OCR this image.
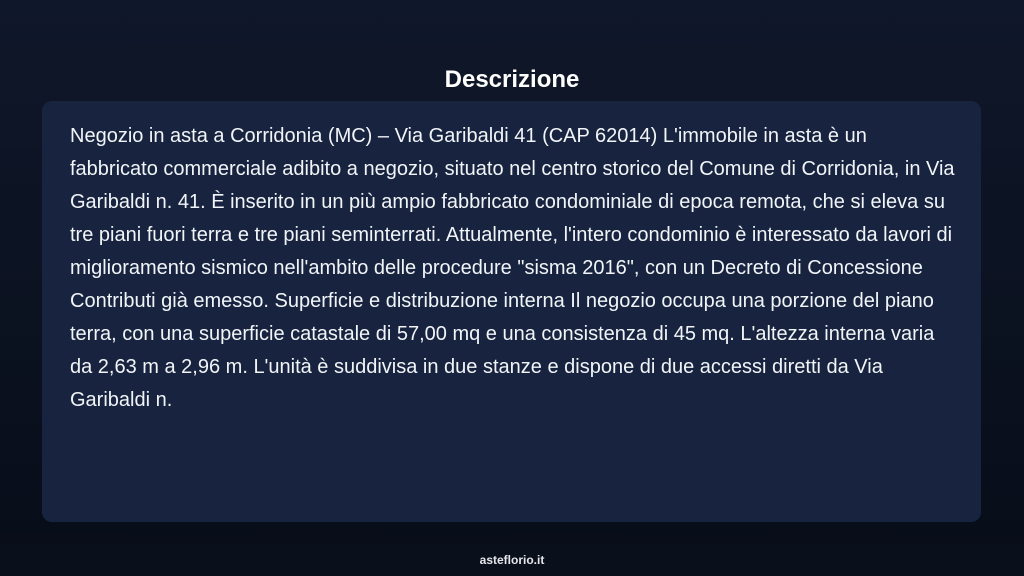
Descrizione

Negozio in asta a Corridonia (MC) – Via Garibaldi 41 (CAP 62014) L'immobile in asta è un fabbricato commerciale adibito a negozio, situato nel centro storico del Comune di Corridonia, in Via Garibaldi n. 41. È inserito in un più ampio fabbricato condominiale di epoca remota, che si eleva su tre piani fuori terra e tre piani seminterrati. Attualmente, l'intero condominio è interessato da lavori di miglioramento sismico nell'ambito delle procedure "sisma 2016", con un Decreto di Concessione Contributi già emesso. Superficie e distribuzione interna Il negozio occupa una porzione del piano terra, con una superficie catastale di 57,00 mq e una consistenza di 45 mq. L'altezza interna varia da 2,63 m a 2,96 m. L'unità è suddivisa in due stanze e dispone di due accessi diretti da Via Garibaldi n.

asteflorio.it
